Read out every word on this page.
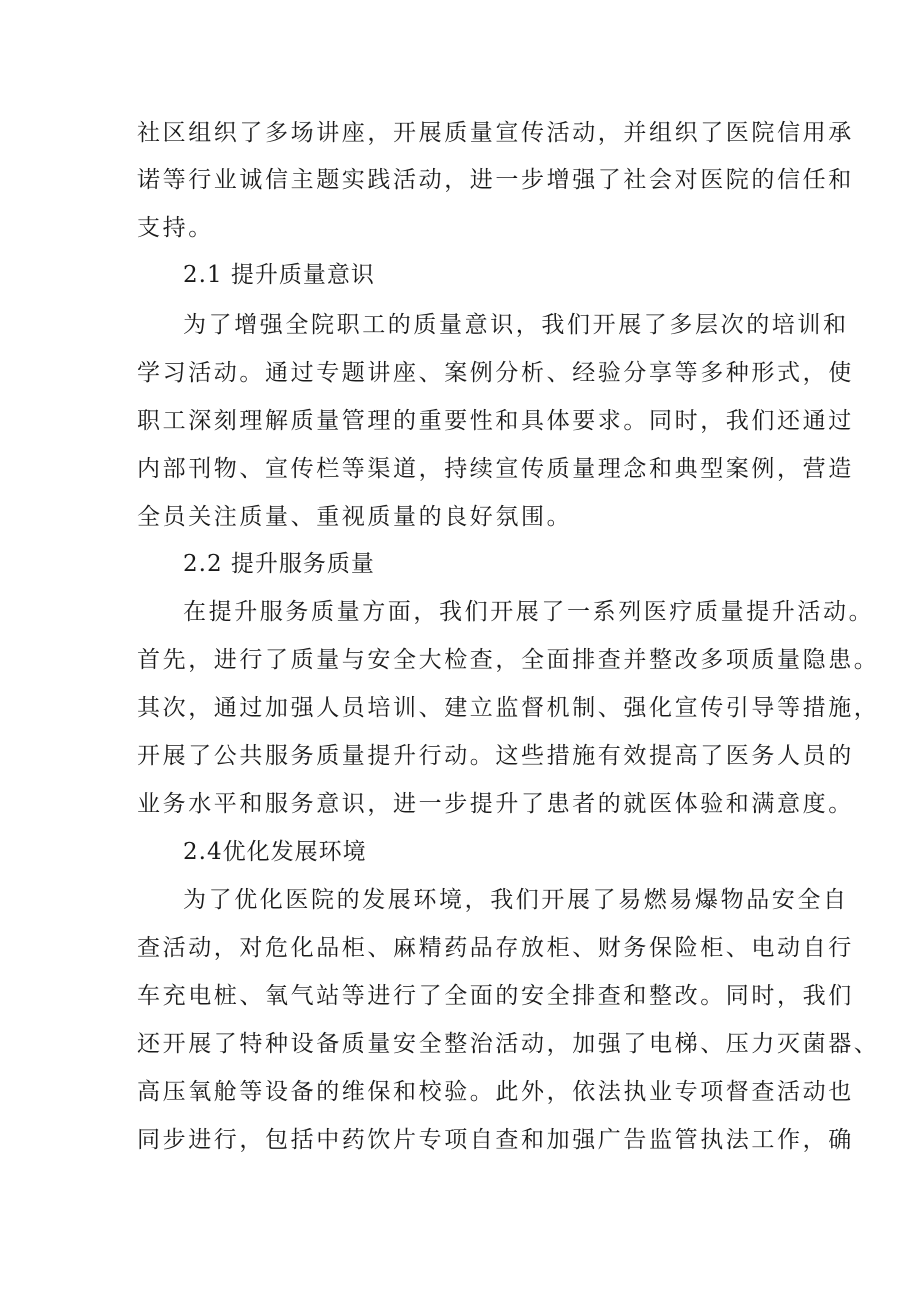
社区组织了多场讲座，开展质量宣传活动，并组织了医院信用承
诺等行业诚信主题实践活动，进一步增强了社会对医院的信任和
支持。
2.1 提升质量意识
为了增强全院职工的质量意识，我们开展了多层次的培训和
学习活动。通过专题讲座、案例分析、经验分享等多种形式，使
职工深刻理解质量管理的重要性和具体要求。同时，我们还通过
内部刊物、宣传栏等渠道，持续宣传质量理念和典型案例，营造
全员关注质量、重视质量的良好氛围。
2.2 提升服务质量
在提升服务质量方面，我们开展了一系列医疗质量提升活动。
首先，进行了质量与安全大检查，全面排查并整改多项质量隐患。
其次，通过加强人员培训、建立监督机制、强化宣传引导等措施，
开展了公共服务质量提升行动。这些措施有效提高了医务人员的
业务水平和服务意识，进一步提升了患者的就医体验和满意度。
2.4优化发展环境
为了优化医院的发展环境，我们开展了易燃易爆物品安全自
查活动，对危化品柜、麻精药品存放柜、财务保险柜、电动自行
车充电桩、氧气站等进行了全面的安全排查和整改。同时，我们
还开展了特种设备质量安全整治活动，加强了电梯、压力灭菌器、
高压氧舱等设备的维保和校验。此外，依法执业专项督查活动也
同步进行，包括中药饮片专项自查和加强广告监管执法工作，确
